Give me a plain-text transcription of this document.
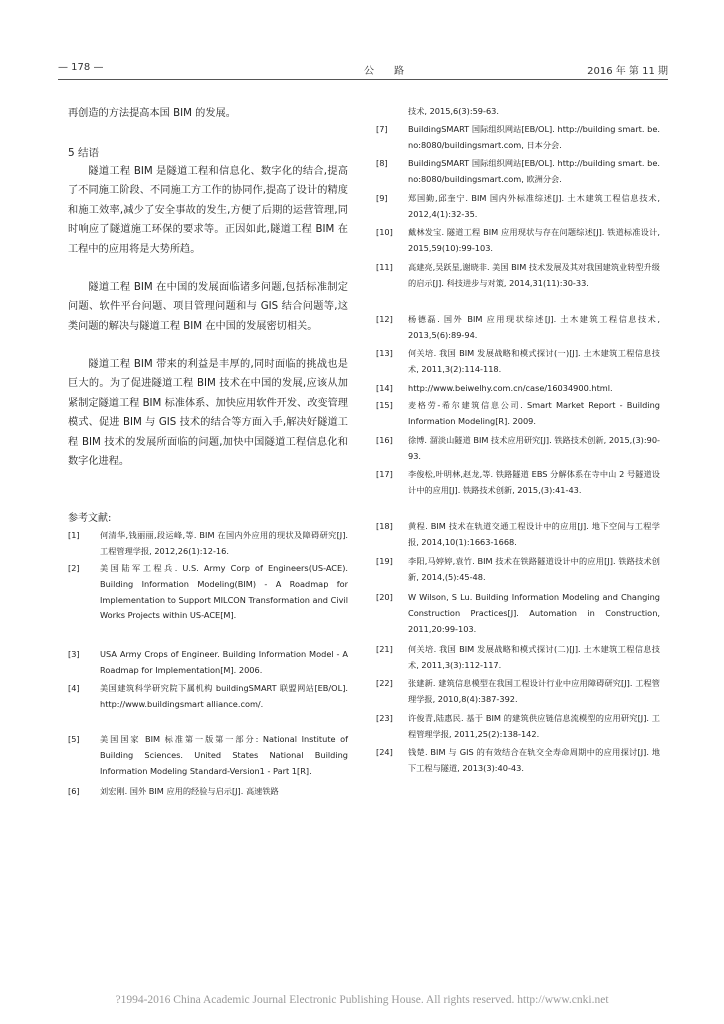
— 178 —	公路	2016 年 第 11 期
再创造的方法提高本国 BIM 的发展。
5 结语
隧道工程 BIM 是隧道工程和信息化、数字化的结合,提高了不同施工阶段、不同施工方工作的协同作,提高了设计的精度和施工效率,减少了安全事故的发生,方便了后期的运营管理,同时响应了隧道施工环保的要求等。正因如此,隧道工程 BIM 在工程中的应用将是大势所趋。
隧道工程 BIM 在中国的发展面临诸多问题,包括标准制定问题、软件平台问题、项目管理问题和与 GIS 结合问题等,这类问题的解决与隧道工程 BIM 在中国的发展密切相关。
隧道工程 BIM 带来的利益是丰厚的,同时面临的挑战也是巨大的。为了促进隧道工程 BIM 技术在中国的发展,应该从加紧制定隧道工程 BIM 标准体系、加快应用软件开发、改变管理模式、促进 BIM 与 GIS 技术的结合等方面入手,解决好隧道工程 BIM 技术的发展所面临的问题,加快中国隧道工程信息化和数字化进程。
参考文献:
[1]	何清华,钱丽丽,段运峰,等. BIM 在国内外应用的现状及障碍研究[J]. 工程管理学报, 2012,26(1):12-16.
[2]	美国陆军工程兵. U.S. Army Corp of Engineers(US-ACE). Building Information Modeling(BIM) - A Roadmap for Implementation to Support MILCON Transformation and Civil Works Projects within US-ACE[M].
[3]	USA Army Crops of Engineer. Building Information Model - A Roadmap for Implementation[M]. 2006.
[4]	美国建筑科学研究院下属机构 buildingSMART 联盟网站[EB/OL]. http://www.buildingsmart alliance.com/.
[5]	美国国家 BIM 标准第一版第一部分: National Institute of Building Sciences. United States National Building Information Modeling Standard-Version1 - Part 1[R].
[6]	刘宏刚. 国外 BIM 应用的经验与启示[J]. 高速铁路
技术, 2015,6(3):59-63.
[7]	BuildingSMART 国际组织网站[EB/OL]. http://building smart. be. no:8080/buildingsmart.com, 日本分会.
[8]	BuildingSMART 国际组织网站[EB/OL]. http://building smart. be. no:8080/buildingsmart.com, 欧洲分会.
[9]	郑国勤,邱奎宁. BIM 国内外标准综述[J]. 土木建筑工程信息技术, 2012,4(1):32-35.
[10]	戴林发宝. 隧道工程 BIM 应用现状与存在问题综述[J]. 铁道标准设计, 2015,59(10):99-103.
[11]	高建亮,吴跃星,谢晓非. 美国 BIM 技术发展及其对我国建筑业转型升级的启示[J]. 科技进步与对策, 2014,31(11):30-33.
[12]	杨德磊. 国外 BIM 应用现状综述[J]. 土木建筑工程信息技术, 2013,5(6):89-94.
[13]	何关培. 我国 BIM 发展战略和模式探讨(一)[J]. 土木建筑工程信息技术, 2011,3(2):114-118.
[14]	http://www.beiwelhy.com.cn/case/16034900.html.
[15]	麦格劳-希尔建筑信息公司. Smart Market Report - Building Information Modeling[R]. 2009.
[16]	徐博. 溜淡山隧道 BIM 技术应用研究[J]. 铁路技术创新, 2015,(3):90-93.
[17]	李俊松,叶明林,赵龙,等. 铁路隧道 EBS 分解体系在寺中山 2 号隧道设计中的应用[J]. 铁路技术创新, 2015,(3):41-43.
[18]	黄程. BIM 技术在轨道交通工程设计中的应用[J]. 地下空间与工程学报, 2014,10(1):1663-1668.
[19]	李阳,马婷婷,袁竹. BIM 技术在铁路隧道设计中的应用[J]. 铁路技术创新, 2014,(5):45-48.
[20]	W Wilson, S Lu. Building Information Modeling and Changing Construction Practices[J]. Automation in Construction, 2011,20:99-103.
[21]	何关培. 我国 BIM 发展战略和模式探讨(二)[J]. 土木建筑工程信息技术, 2011,3(3):112-117.
[22]	张建新. 建筑信息模型在我国工程设计行业中应用障碍研究[J]. 工程管理学报, 2010,8(4):387-392.
[23]	许俊青,陆惠民. 基于 BIM 的建筑供应链信息流模型的应用研究[J]. 工程管理学报, 2011,25(2):138-142.
[24]	钱楚. BIM 与 GIS 的有效结合在轨交全寿命周期中的应用探讨[J]. 地下工程与隧道, 2013(3):40-43.
?1994-2016 China Academic Journal Electronic Publishing House. All rights reserved. http://www.cnki.net
